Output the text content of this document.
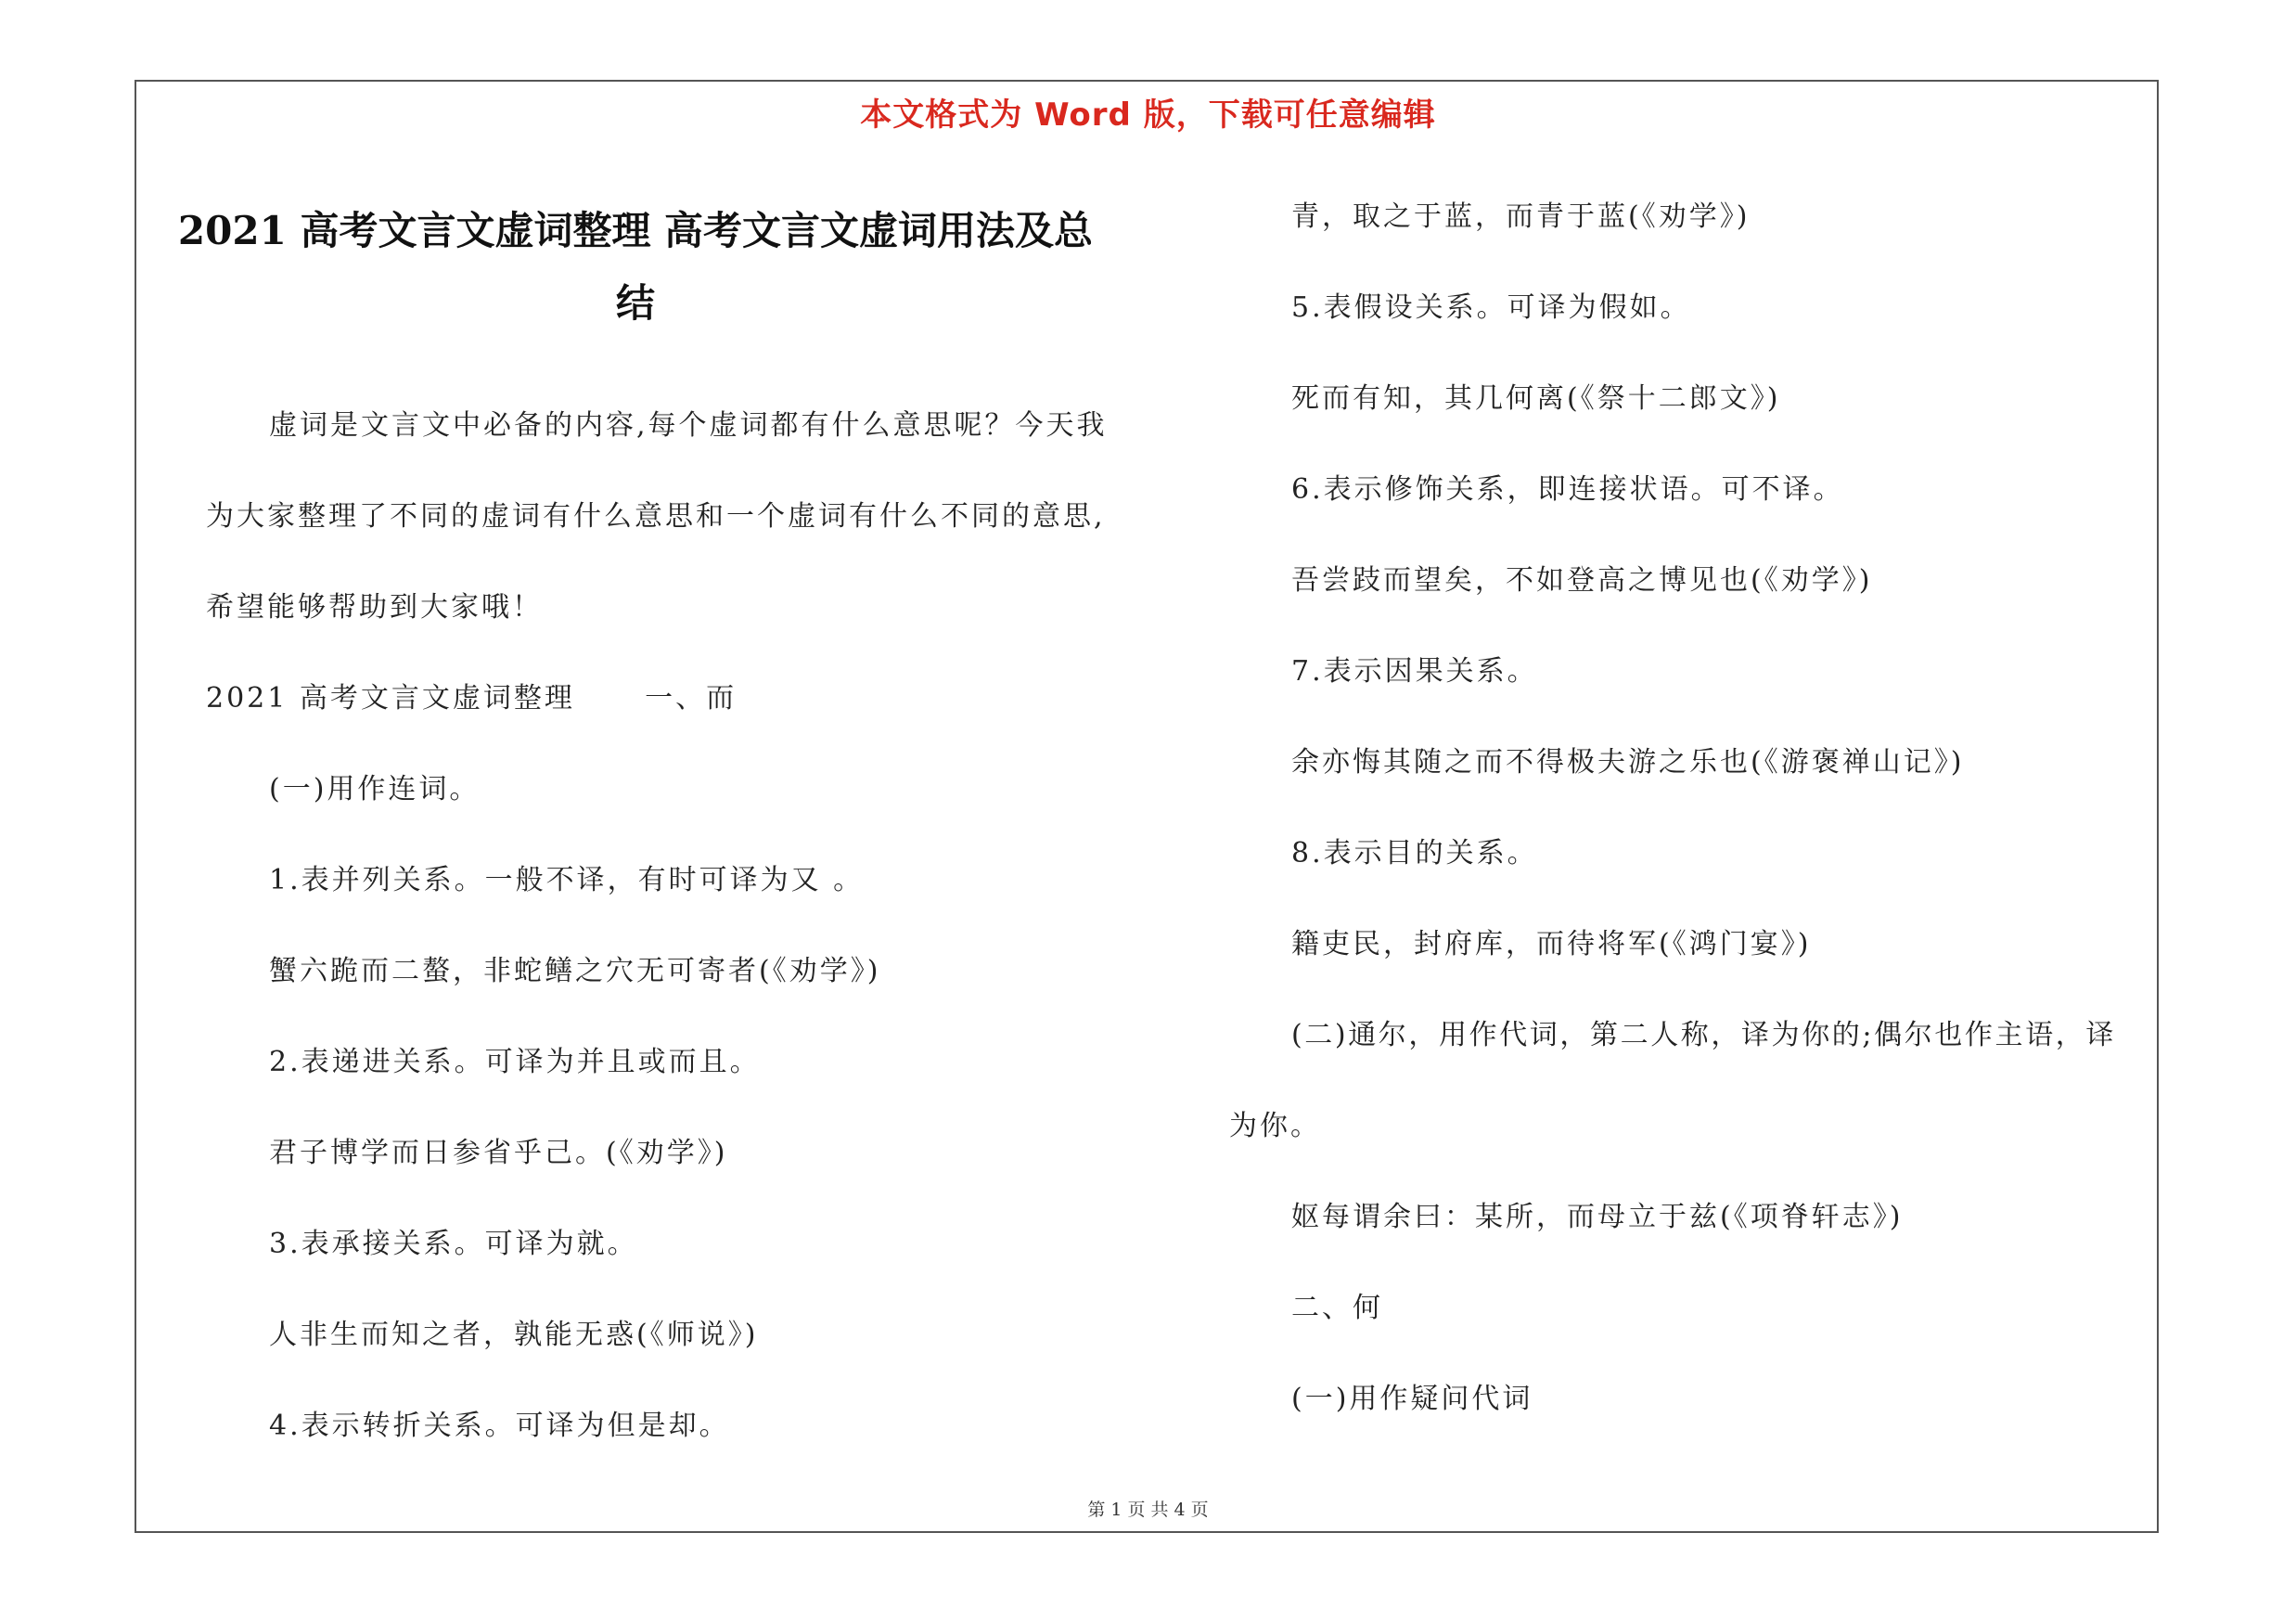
本文格式为 Word 版，下载可任意编辑
2021 高考文言文虚词整理 高考文言文虚词用法及总
结
虚词是文言文中必备的内容,每个虚词都有什么意思呢？今天我
为大家整理了不同的虚词有什么意思和一个虚词有什么不同的意思,
希望能够帮助到大家哦！
2021 高考文言文虚词整理      一、而
(一)用作连词。
1.表并列关系。一般不译，有时可译为又 。
蟹六跪而二螯，非蛇鳝之穴无可寄者(《劝学》)
2.表递进关系。可译为并且或而且。
君子博学而日参省乎己。(《劝学》)
3.表承接关系。可译为就。
人非生而知之者，孰能无惑(《师说》)
4.表示转折关系。可译为但是却。
青，取之于蓝，而青于蓝(《劝学》)
5.表假设关系。可译为假如。
死而有知，其几何离(《祭十二郎文》)
6.表示修饰关系，即连接状语。可不译。
吾尝跂而望矣，不如登高之博见也(《劝学》)
7.表示因果关系。
余亦悔其随之而不得极夫游之乐也(《游褒禅山记》)
8.表示目的关系。
籍吏民，封府库，而待将军(《鸿门宴》)
(二)通尔，用作代词，第二人称，译为你的;偶尔也作主语，译
为你。
妪每谓余曰：某所，而母立于兹(《项脊轩志》)
二、何
(一)用作疑问代词
第 1 页 共 4 页
